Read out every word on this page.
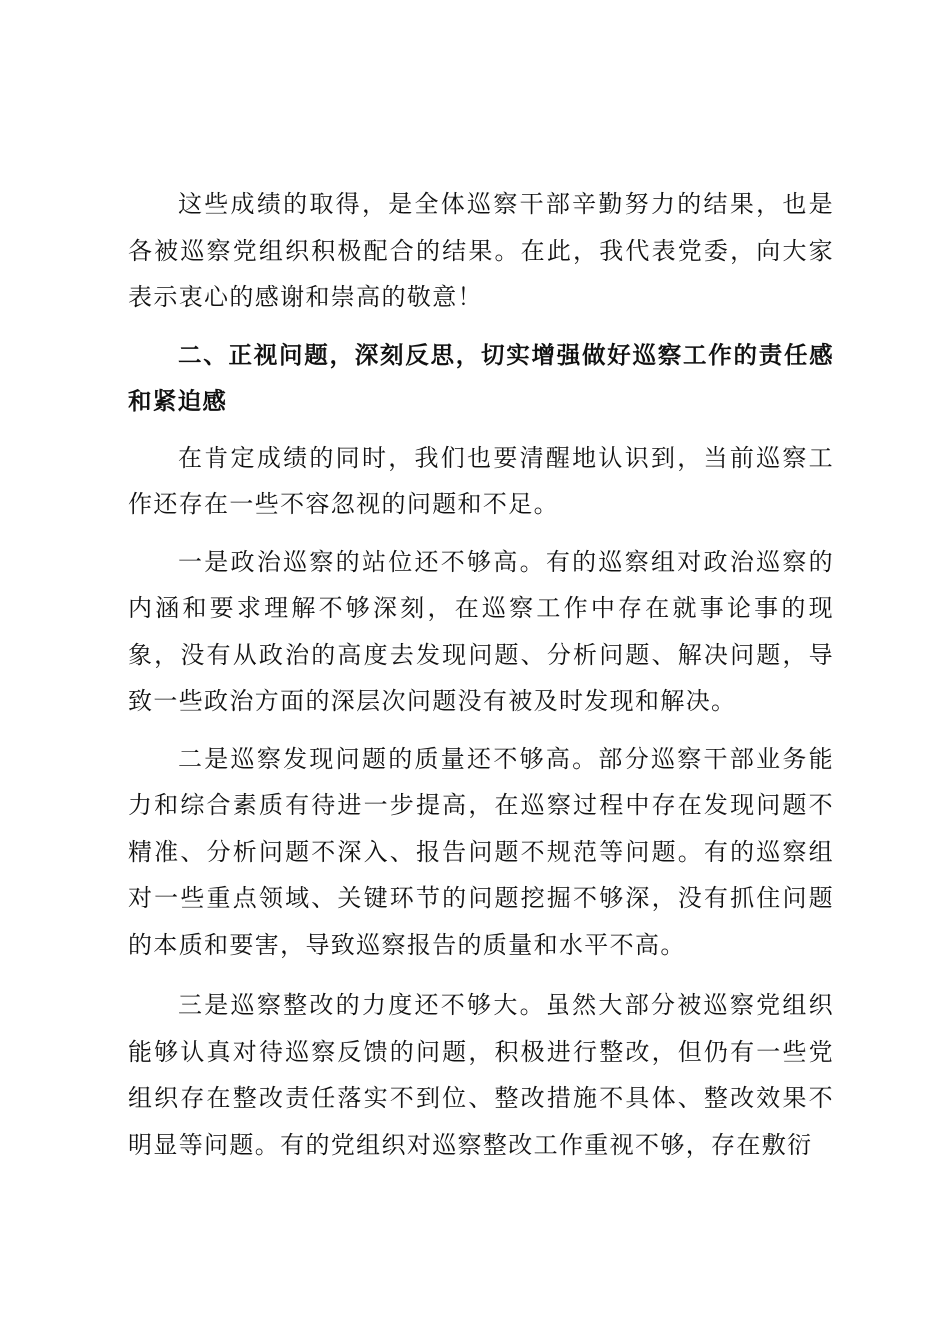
这些成绩的取得，是全体巡察干部辛勤努力的结果，也是各被巡察党组织积极配合的结果。在此，我代表党委，向大家表示衷心的感谢和崇高的敬意！

二、正视问题，深刻反思，切实增强做好巡察工作的责任感和紧迫感

在肯定成绩的同时，我们也要清醒地认识到，当前巡察工作还存在一些不容忽视的问题和不足。

一是政治巡察的站位还不够高。有的巡察组对政治巡察的内涵和要求理解不够深刻，在巡察工作中存在就事论事的现象，没有从政治的高度去发现问题、分析问题、解决问题，导致一些政治方面的深层次问题没有被及时发现和解决。

二是巡察发现问题的质量还不够高。部分巡察干部业务能力和综合素质有待进一步提高，在巡察过程中存在发现问题不精准、分析问题不深入、报告问题不规范等问题。有的巡察组对一些重点领域、关键环节的问题挖掘不够深，没有抓住问题的本质和要害，导致巡察报告的质量和水平不高。

三是巡察整改的力度还不够大。虽然大部分被巡察党组织能够认真对待巡察反馈的问题，积极进行整改，但仍有一些党组织存在整改责任落实不到位、整改措施不具体、整改效果不明显等问题。有的党组织对巡察整改工作重视不够，存在敷衍
